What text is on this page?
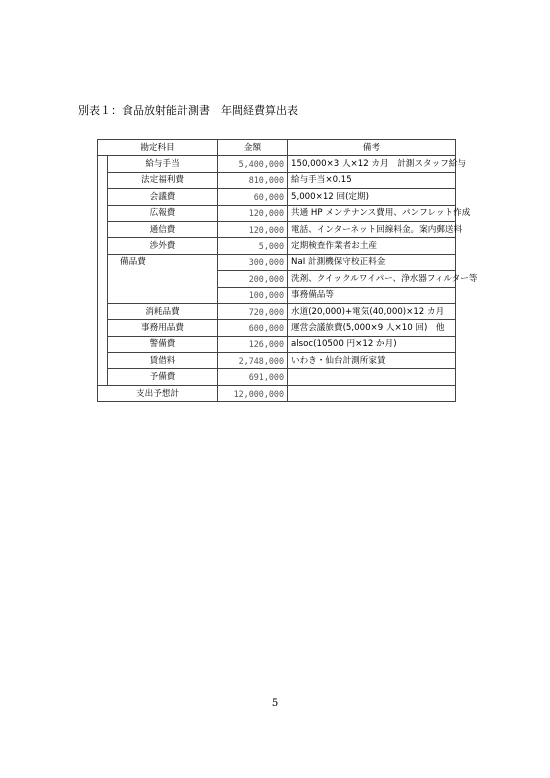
別表１：食品放射能計測書　年間経費算出表
勘定科目		金額	備考
	給与手当	5,400,000	150,000×3 人×12 カ月　計測スタッフ給与
	法定福利費	810,000	給与手当×0.15
	会議費	60,000	5,000×12 回(定期)
	広報費	120,000	共通 HP メンテナンス費用、パンフレット作成
	通信費	120,000	電話、インターネット回線料金。案内郵送料
	渉外費	5,000	定期検査作業者お土産
	備品費	300,000	NaI 計測機保守校正料金
		200,000	洗剤、クイックルワイパー、浄水器フィルター等
		100,000	事務備品等
	消耗品費	720,000	水道(20,000)+電気(40,000)×12 カ月
	事務用品費	600,000	運営会議旅費(5,000×9 人×10 回)　他
	警備費	126,000	alsoc(10500 円×12 か月)
	賃借料	2,748,000	いわき・仙台計測所家賃
	予備費	691,000	
支出予想計		12,000,000	
5
